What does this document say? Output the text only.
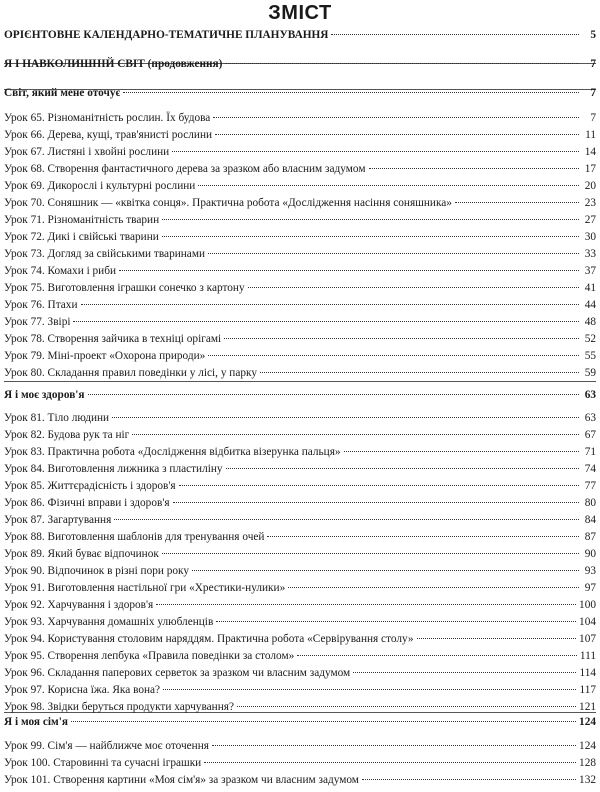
ЗМІСТ
ОРІЄНТОВНЕ КАЛЕНДАРНО-ТЕМАТИЧНЕ ПЛАНУВАННЯ	5
Я І НАВКОЛИШНІЙ СВІТ (продовження)	7
Світ, який мене оточує	7
Урок 65. Різноманітність рослин. Їх будова	7
Урок 66. Дерева, кущі, трав'янисті рослини	11
Урок 67. Листяні і хвойні рослини	14
Урок 68. Створення фантастичного дерева за зразком або власним задумом	17
Урок 69. Дикорослі і культурні рослини	20
Урок 70. Соняшник — «квітка сонця». Практична робота «Дослідження насіння соняшника»	23
Урок 71. Різноманітність тварин	27
Урок 72. Дикі і свійські тварини	30
Урок 73. Догляд за свійськими тваринами	33
Урок 74. Комахи і риби	37
Урок 75. Виготовлення іграшки сонечко з картону	41
Урок 76. Птахи	44
Урок 77. Звірі	48
Урок 78. Створення зайчика в техніці орігамі	52
Урок 79. Міні-проект «Охорона природи»	55
Урок 80. Складання правил поведінки у лісі, у парку	59
Я і моє здоров'я	63
Урок 81. Тіло людини	63
Урок 82. Будова рук та ніг	67
Урок 83. Практична робота «Дослідження відбитка візерунка пальця»	71
Урок 84. Виготовлення лижника з пластиліну	74
Урок 85. Життєрадісність і здоров'я	77
Урок 86. Фізичні вправи і здоров'я	80
Урок 87. Загартування	84
Урок 88. Виготовлення шаблонів для тренування очей	87
Урок 89. Який буває відпочинок	90
Урок 90. Відпочинок в різні пори року	93
Урок 91. Виготовлення настільної гри «Хрестики-нулики»	97
Урок 92. Харчування і здоров'я	100
Урок 93. Харчування домашніх улюбленців	104
Урок 94. Користування столовим наряддям. Практична робота «Сервірування столу»	107
Урок 95. Створення лепбука «Правила поведінки за столом»	111
Урок 96. Складання паперових серветок за зразком чи власним задумом	114
Урок 97. Корисна їжа. Яка вона?	117
Урок 98. Звідки беруться продукти харчування?	121
Я і моя сім'я	124
Урок 99. Сім'я — найближче моє оточення	124
Урок 100. Старовинні та сучасні іграшки	128
Урок 101. Створення картини «Моя сім'я» за зразком чи власним задумом	132
